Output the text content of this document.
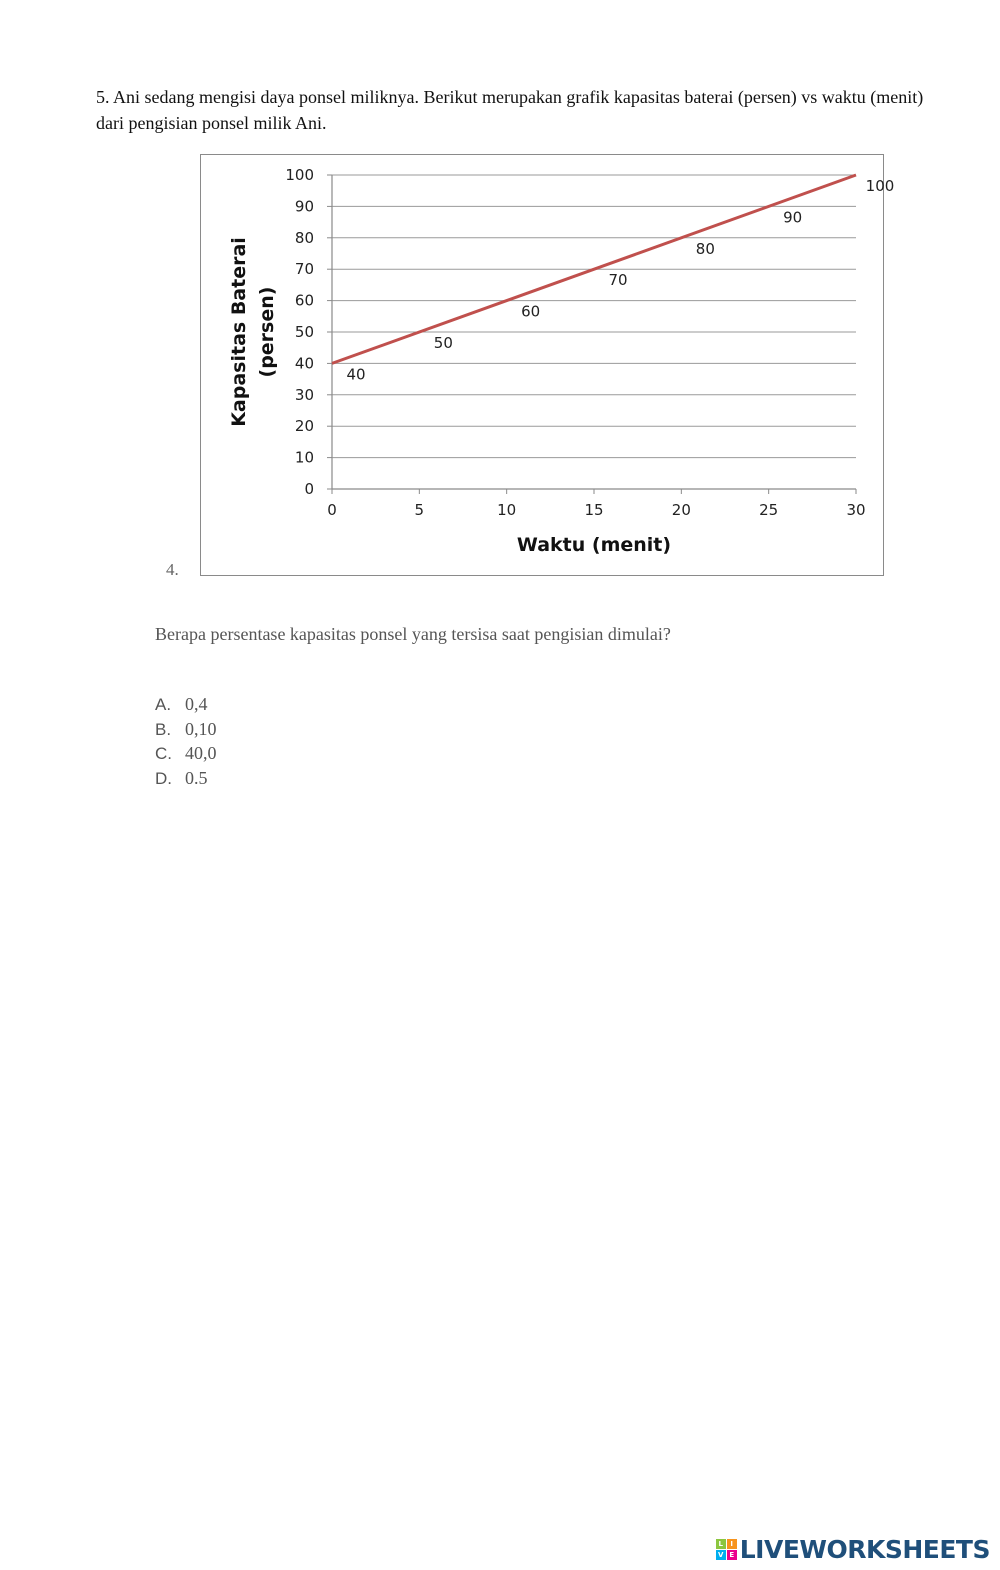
5. Ani sedang mengisi daya ponsel miliknya. Berikut merupakan grafik kapasitas baterai (persen) vs waktu (menit) dari pengisian ponsel milik Ani.
4.
0
10
20
30
40
50
60
70
80
90
100
0	5	10	15	20	25	30
40
50
60
70
80
90
100
Waktu (menit)
Kapasitas Baterai (persen)
Berapa persentase kapasitas ponsel yang tersisa saat pengisian dimulai?
A. 0,4
B. 0,10
C. 40,0
D. 0.5
L	I
V E LIVEWORKSHEETS
